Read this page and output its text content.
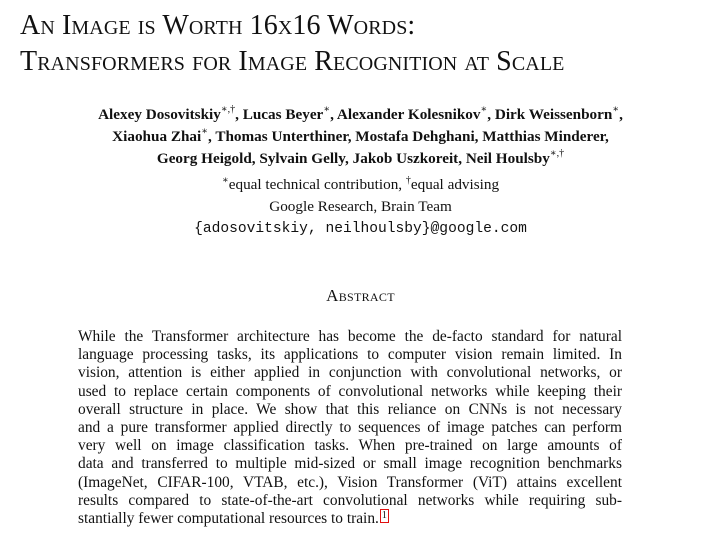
An Image is Worth 16x16 Words:
Transformers for Image Recognition at Scale
Alexey Dosovitskiy∗,†, Lucas Beyer∗, Alexander Kolesnikov∗, Dirk Weissenborn∗,
Xiaohua Zhai∗, Thomas Unterthiner, Mostafa Dehghani, Matthias Minderer,
Georg Heigold, Sylvain Gelly, Jakob Uszkoreit, Neil Houlsby∗,†
∗equal technical contribution, †equal advising
Google Research, Brain Team
{adosovitskiy, neilhoulsby}@google.com
Abstract
While the Transformer architecture has become the de-facto standard for natural
language processing tasks, its applications to computer vision remain limited. In
vision, attention is either applied in conjunction with convolutional networks, or
used to replace certain components of convolutional networks while keeping their
overall structure in place. We show that this reliance on CNNs is not necessary
and a pure transformer applied directly to sequences of image patches can perform
very well on image classification tasks. When pre-trained on large amounts of
data and transferred to multiple mid-sized or small image recognition benchmarks
(ImageNet, CIFAR-100, VTAB, etc.), Vision Transformer (ViT) attains excellent
results compared to state-of-the-art convolutional networks while requiring sub-
stantially fewer computational resources to train. 1
